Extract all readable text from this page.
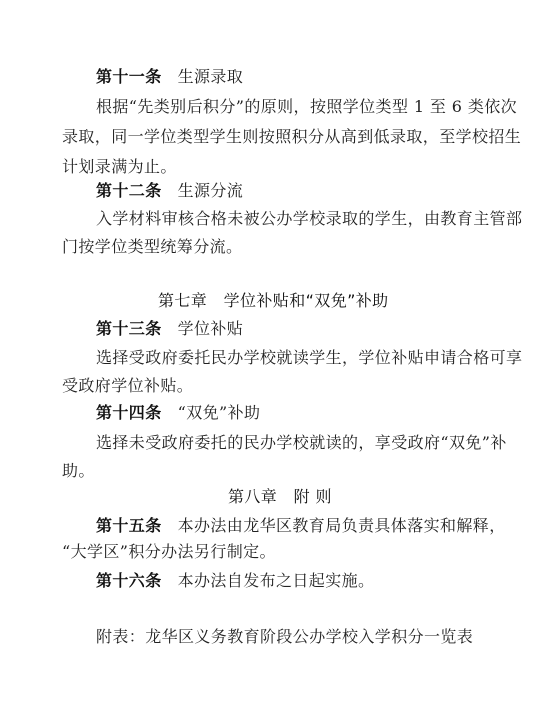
第十一条 生源录取
根据“先类别后积分”的原则，按照学位类型 1 至 6 类依次
录取，同一学位类型学生则按照积分从高到低录取，至学校招生
计划录满为止。
第十二条 生源分流
入学材料审核合格未被公办学校录取的学生，由教育主管部
门按学位类型统筹分流。
第七章　学位补贴和“双免”补助
第十三条 学位补贴
选择受政府委托民办学校就读学生，学位补贴申请合格可享
受政府学位补贴。
第十四条 “双免”补助
选择未受政府委托的民办学校就读的，享受政府“双免”补
助。
第八章　附 则
第十五条 本办法由龙华区教育局负责具体落实和解释，
“大学区”积分办法另行制定。
第十六条 本办法自发布之日起实施。
附表：龙华区义务教育阶段公办学校入学积分一览表
